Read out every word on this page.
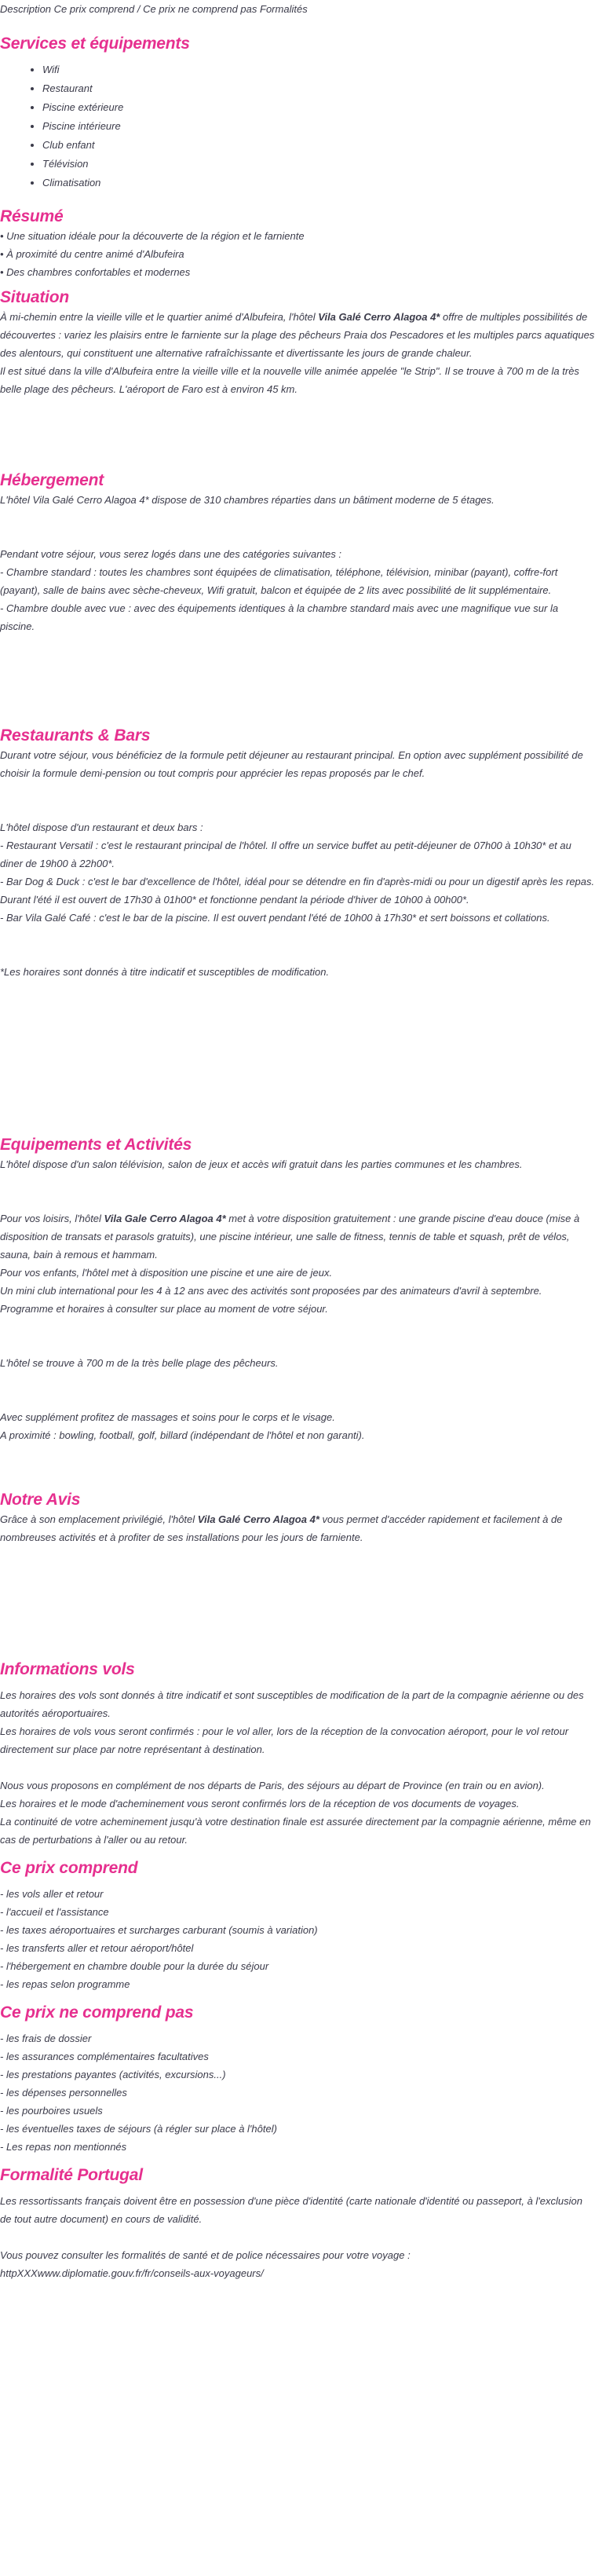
Description Ce prix comprend / Ce prix ne comprend pas Formalités
Services et équipements
• Wifi
• Restaurant
• Piscine extérieure
• Piscine intérieure
• Club enfant
• Télévision
• Climatisation
Résumé
• Une situation idéale pour la découverte de la région et le farniente
• À proximité du centre animé d'Albufeira
• Des chambres confortables et modernes
Situation

À mi-chemin entre la vieille ville et le quartier animé d'Albufeira, l'hôtel Vila Galé Cerro Alagoa 4* offre de multiples possibilités de découvertes : variez les plaisirs entre le farniente sur la plage des pêcheurs Praia dos Pescadores et les multiples parcs aquatiques des alentours, qui constituent une alternative rafraîchissante et divertissante les jours de grande chaleur.

Il est situé dans la ville d'Albufeira entre la vieille ville et la nouvelle ville animée appelée "le Strip". Il se trouve à 700 m de la très belle plage des pêcheurs. L'aéroport de Faro est à environ 45 km.

Hébergement

L'hôtel Vila Galé Cerro Alagoa 4* dispose de 310 chambres réparties dans un bâtiment moderne de 5 étages.

Pendant votre séjour, vous serez logés dans une des catégories suivantes :

- Chambre standard : toutes les chambres sont équipées de climatisation, téléphone, télévision, minibar (payant), coffre-fort (payant), salle de bains avec sèche-cheveux, Wifi gratuit, balcon et équipée de 2 lits avec possibilité de lit supplémentaire.

- Chambre double avec vue : avec des équipements identiques à la chambre standard mais avec une magnifique vue sur la piscine.

Restaurants & Bars

Durant votre séjour, vous bénéficiez de la formule petit déjeuner au restaurant principal. En option avec supplément possibilité de choisir la formule demi-pension ou tout compris pour apprécier les repas proposés par le chef.

L'hôtel dispose d'un restaurant et deux bars :

- Restaurant Versatil : c'est le restaurant principal de l'hôtel. Il offre un service buffet au petit-déjeuner de 07h00 à 10h30* et au diner de 19h00 à 22h00*.

- Bar Dog & Duck : c'est le bar d'excellence de l'hôtel, idéal pour se détendre en fin d'après-midi ou pour un digestif après les repas. Durant l'été il est ouvert de 17h30 à 01h00* et fonctionne pendant la période d'hiver de 10h00 à 00h00*.

- Bar Vila Galé Café : c'est le bar de la piscine. Il est ouvert pendant l'été de 10h00 à 17h30* et sert boissons et collations.

*Les horaires sont donnés à titre indicatif et susceptibles de modification.

Equipements et Activités

L'hôtel dispose d'un salon télévision, salon de jeux et accès wifi gratuit dans les parties communes et les chambres.

Pour vos loisirs, l'hôtel Vila Gale Cerro Alagoa 4* met à votre disposition gratuitement : une grande piscine d'eau douce (mise à disposition de transats et parasols gratuits), une piscine intérieur, une salle de fitness, tennis de table et squash, prêt de vélos, sauna, bain à remous et hammam.

Pour vos enfants, l'hôtel met à disposition une piscine et une aire de jeux.

Un mini club international pour les 4 à 12 ans avec des activités sont proposées par des animateurs d'avril à septembre. Programme et horaires à consulter sur place au moment de votre séjour.

L'hôtel se trouve à 700 m de la très belle plage des pêcheurs.

Avec supplément profitez de massages et soins pour le corps et le visage.

A proximité : bowling, football, golf, billard (indépendant de l'hôtel et non garanti).

Notre Avis

Grâce à son emplacement privilégié, l'hôtel Vila Galé Cerro Alagoa 4* vous permet d'accéder rapidement et facilement à de nombreuses activités et à profiter de ses installations pour les jours de farniente.

Informations vols

Les horaires des vols sont donnés à titre indicatif et sont susceptibles de modification de la part de la compagnie aérienne ou des autorités aéroportuaires.

Les horaires de vols vous seront confirmés : pour le vol aller, lors de la réception de la convocation aéroport, pour le vol retour directement sur place par notre représentant à destination.

Nous vous proposons en complément de nos départs de Paris, des séjours au départ de Province (en train ou en avion).

Les horaires et le mode d'acheminement vous seront confirmés lors de la réception de vos documents de voyages.

La continuité de votre acheminement jusqu'à votre destination finale est assurée directement par la compagnie aérienne, même en cas de perturbations à l'aller ou au retour.

Ce prix comprend
- les vols aller et retour
- l'accueil et l'assistance
- les taxes aéroportuaires et surcharges carburant (soumis à variation)
- les transferts aller et retour aéroport/hôtel
- l'hébergement en chambre double pour la durée du séjour
- les repas selon programme
Ce prix ne comprend pas
- les frais de dossier
- les assurances complémentaires facultatives
- les prestations payantes (activités, excursions...)
- les dépenses personnelles
- les pourboires usuels
- les éventuelles taxes de séjours (à régler sur place à l'hôtel)
- Les repas non mentionnés
Formalité Portugal

Les ressortissants français doivent être en possession d'une pièce d'identité (carte nationale d'identité ou passeport, à l'exclusion de tout autre document) en cours de validité.

Vous pouvez consulter les formalités de santé et de police nécessaires pour votre voyage :

httpXXXwww.diplomatie.gouv.fr/fr/conseils-aux-voyageurs/
